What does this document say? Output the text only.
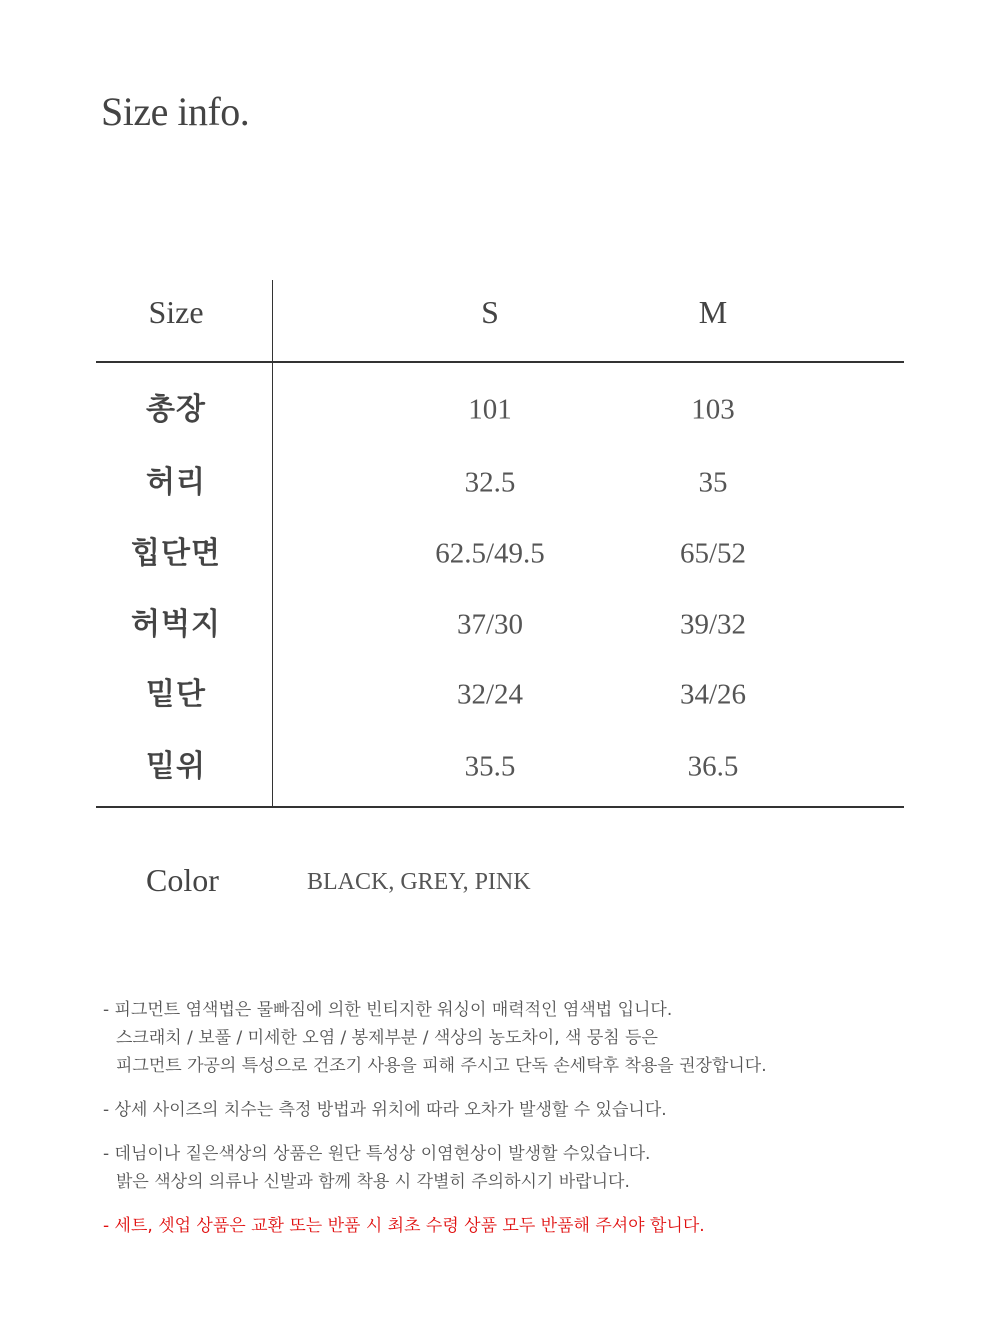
Size info.
Size	S	M
총장	101	103
허리	32.5	35
힙단면	62.5/49.5	65/52
허벅지	37/30	39/32
밑단	32/24	34/26
밑위	35.5	36.5
Color	BLACK, GREY, PINK
- 피그먼트 염색법은 물빠짐에 의한 빈티지한 워싱이 매력적인 염색법 입니다.
스크래치 / 보풀 / 미세한 오염 / 봉제부분 / 색상의 농도차이, 색 뭉침 등은
피그먼트 가공의 특성으로 건조기 사용을 피해 주시고 단독 손세탁후 착용을 권장합니다.
- 상세 사이즈의 치수는 측정 방법과 위치에 따라 오차가 발생할 수 있습니다.
- 데님이나 짙은색상의 상품은 원단 특성상 이염현상이 발생할 수있습니다.
밝은 색상의 의류나 신발과 함께 착용 시 각별히 주의하시기 바랍니다.
- 세트, 셋업 상품은 교환 또는 반품 시 최초 수령 상품 모두 반품해 주셔야 합니다.
